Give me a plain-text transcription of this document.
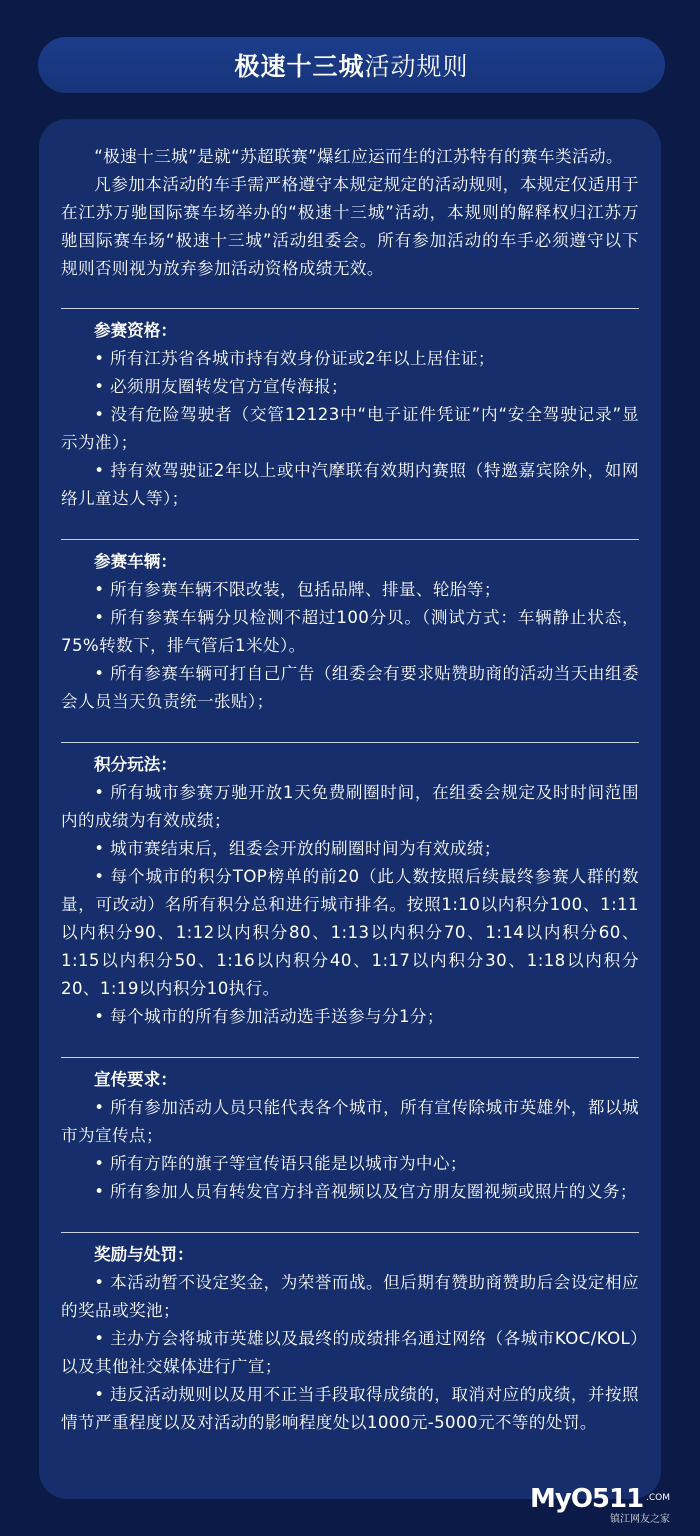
极速十三城活动规则

“极速十三城”是就“苏超联赛”爆红应运而生的江苏特有的赛车类活动。

凡参加本活动的车手需严格遵守本规定规定的活动规则，本规定仅适用于在江苏万驰国际赛车场举办的“极速十三城”活动，本规则的解释权归江苏万驰国际赛车场“极速十三城”活动组委会。所有参加活动的车手必须遵守以下规则否则视为放弃参加活动资格成绩无效。

参赛资格：

• 所有江苏省各城市持有效身份证或2年以上居住证；

• 必须朋友圈转发官方宣传海报；

• 没有危险驾驶者（交管12123中“电子证件凭证”内“安全驾驶记录”显示为准）；

• 持有效驾驶证2年以上或中汽摩联有效期内赛照（特邀嘉宾除外，如网络儿童达人等）；

参赛车辆：

• 所有参赛车辆不限改装，包括品牌、排量、轮胎等；

• 所有参赛车辆分贝检测不超过100分贝。（测试方式：车辆静止状态，75%转数下，排气管后1米处）。

• 所有参赛车辆可打自己广告（组委会有要求贴赞助商的活动当天由组委会人员当天负责统一张贴）；

积分玩法：

• 所有城市参赛万驰开放1天免费刷圈时间，在组委会规定及时时间范围内的成绩为有效成绩；

• 城市赛结束后，组委会开放的刷圈时间为有效成绩；

• 每个城市的积分TOP榜单的前20（此人数按照后续最终参赛人群的数量，可改动）名所有积分总和进行城市排名。按照1:10以内积分100、1:11以内积分90、1:12以内积分80、1:13以内积分70、1:14以内积分60、1:15以内积分50、1:16以内积分40、1:17以内积分30、1:18以内积分20、1:19以内积分10执行。

• 每个城市的所有参加活动选手送参与分1分；

宣传要求：

• 所有参加活动人员只能代表各个城市，所有宣传除城市英雄外，都以城市为宣传点；

• 所有方阵的旗子等宣传语只能是以城市为中心；

• 所有参加人员有转发官方抖音视频以及官方朋友圈视频或照片的义务；

奖励与处罚：

• 本活动暂不设定奖金，为荣誉而战。但后期有赞助商赞助后会设定相应的奖品或奖池；

• 主办方会将城市英雄以及最终的成绩排名通过网络（各城市KOC/KOL）以及其他社交媒体进行广宣；

• 违反活动规则以及用不正当手段取得成绩的，取消对应的成绩，并按照情节严重程度以及对活动的影响程度处以1000元-5000元不等的处罚。

MyO511 .COM
镇江网友之家
